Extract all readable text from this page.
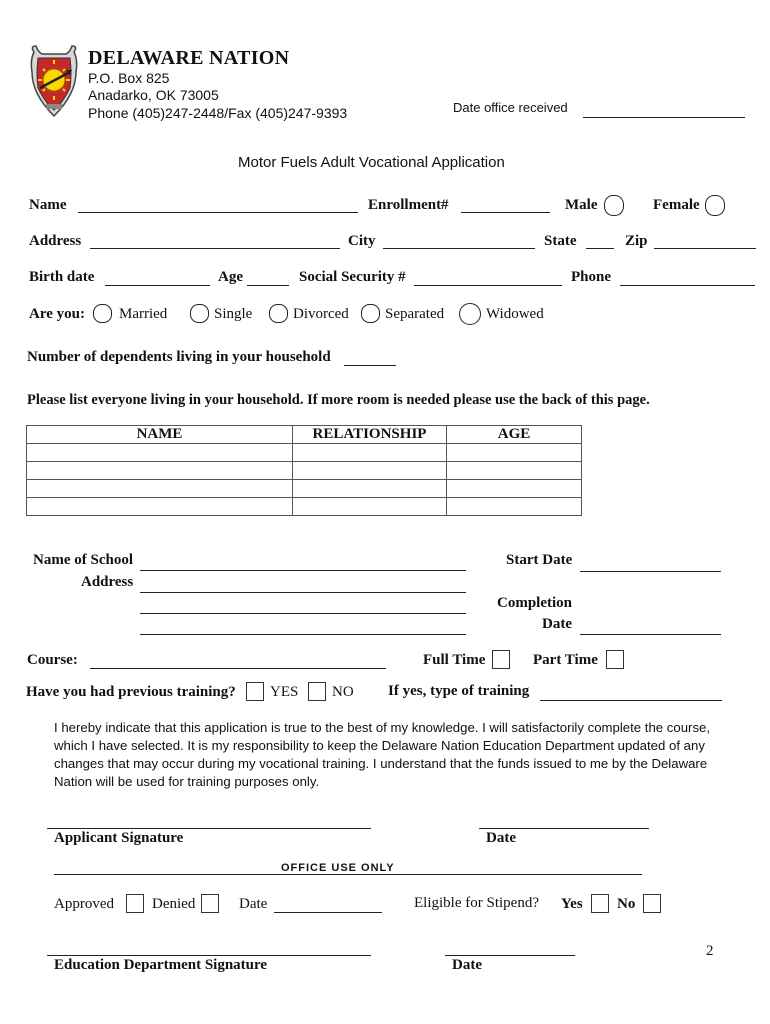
DELAWARE NATION
P.O. Box 825
Anadarko, OK 73005
Phone (405)247-2448/Fax (405)247-9393	Date office received
Motor Fuels Adult Vocational Application
Name	Enrollment#	Male	Female
Address	City	State	Zip
Birth date	Age	Social Security #	Phone
Are you: Married	Single	Divorced Separated	Widowed
Number of dependents living in your household
Please list everyone living in your household. If more room is needed please use the back of this page.
NAME	RELATIONSHIP	AGE

Name of School
Address
Start Date
Completion
Date
Course:	Full Time	Part Time
Have you had previous training? YES NO If yes, type of training
I hereby indicate that this application is true to the best of my knowledge. I will satisfactorily complete the course, which I have selected. It is my responsibility to keep the Delaware Nation Education Department updated of any changes that may occur during my vocational training. I understand that the funds issued to me by the Delaware Nation will be used for training purposes only.
Applicant Signature	Date
OFFICE USE ONLY
Approved	Denied	Date	Eligible for Stipend? Yes No
2
Education Department Signature	Date
